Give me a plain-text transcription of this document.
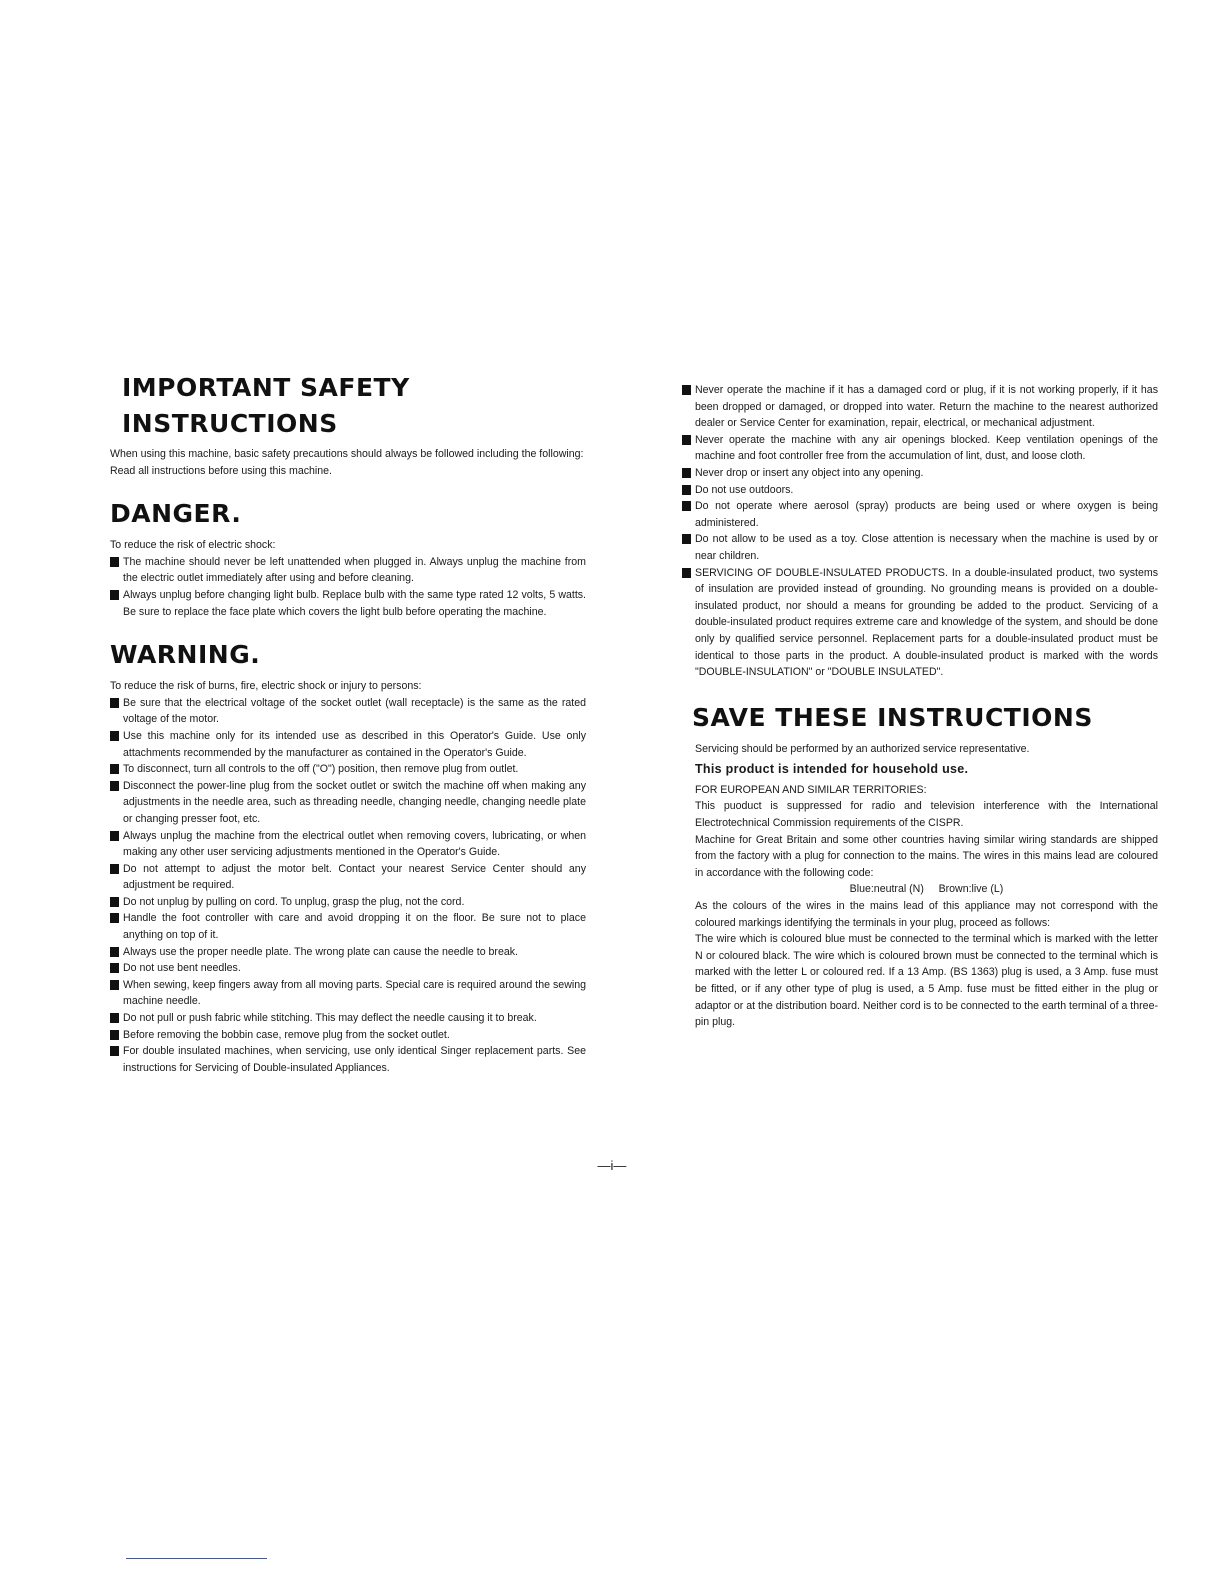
IMPORTANT SAFETY INSTRUCTIONS

When using this machine, basic safety precautions should always be followed including the following:

Read all instructions before using this machine.

DANGER.

To reduce the risk of electric shock:

The machine should never be left unattended when plugged in. Always unplug the machine from the electric outlet immediately after using and before cleaning.
Always unplug before changing light bulb. Replace bulb with the same type rated 12 volts, 5 watts. Be sure to replace the face plate which covers the light bulb before operating the machine.
WARNING.

To reduce the risk of burns, fire, electric shock or injury to persons:

Be sure that the electrical voltage of the socket outlet (wall receptacle) is the same as the rated voltage of the motor.
Use this machine only for its intended use as described in this Operator's Guide. Use only attachments recommended by the manufacturer as contained in the Operator's Guide.
To disconnect, turn all controls to the off ("O") position, then remove plug from outlet.
Disconnect the power-line plug from the socket outlet or switch the machine off when making any adjustments in the needle area, such as threading needle, changing needle, changing needle plate or changing presser foot, etc.
Always unplug the machine from the electrical outlet when removing covers, lubricating, or when making any other user servicing adjustments mentioned in the Operator's Guide.
Do not attempt to adjust the motor belt. Contact your nearest Service Center should any adjustment be required.
Do not unplug by pulling on cord. To unplug, grasp the plug, not the cord.
Handle the foot controller with care and avoid dropping it on the floor. Be sure not to place anything on top of it.
Always use the proper needle plate. The wrong plate can cause the needle to break.
Do not use bent needles.
When sewing, keep fingers away from all moving parts. Special care is required around the sewing machine needle.
Do not pull or push fabric while stitching. This may deflect the needle causing it to break.
Before removing the bobbin case, remove plug from the socket outlet.
For double insulated machines, when servicing, use only identical Singer replacement parts. See instructions for Servicing of Double-insulated Appliances.
Never operate the machine if it has a damaged cord or plug, if it is not working properly, if it has been dropped or damaged, or dropped into water. Return the machine to the nearest authorized dealer or Service Center for examination, repair, electrical, or mechanical adjustment.
Never operate the machine with any air openings blocked. Keep ventilation openings of the machine and foot controller free from the accumulation of lint, dust, and loose cloth.
Never drop or insert any object into any opening.
Do not use outdoors.
Do not operate where aerosol (spray) products are being used or where oxygen is being administered.
Do not allow to be used as a toy. Close attention is necessary when the machine is used by or near children.
SERVICING OF DOUBLE-INSULATED PRODUCTS. In a double-insulated product, two systems of insulation are provided instead of grounding. No grounding means is provided on a double-insulated product, nor should a means for grounding be added to the product. Servicing of a double-insulated product requires extreme care and knowledge of the system, and should be done only by qualified service personnel. Replacement parts for a double-insulated product must be identical to those parts in the product. A double-insulated product is marked with the words "DOUBLE-INSULATION" or "DOUBLE INSULATED".
SAVE THESE INSTRUCTIONS

Servicing should be performed by an authorized service representative.

This product is intended for household use.

FOR EUROPEAN AND SIMILAR TERRITORIES:

This puoduct is suppressed for radio and television interference with the International Electrotechnical Commission requirements of the CISPR.

Machine for Great Britain and some other countries having similar wiring standards are shipped from the factory with a plug for connection to the mains. The wires in this mains lead are coloured in accordance with the following code:

Blue:neutral (N) Brown:live (L)

As the colours of the wires in the mains lead of this appliance may not correspond with the coloured markings identifying the terminals in your plug, proceed as follows:

The wire which is coloured blue must be connected to the terminal which is marked with the letter N or coloured black. The wire which is coloured brown must be connected to the terminal which is marked with the letter L or coloured red. If a 13 Amp. (BS 1363) plug is used, a 3 Amp. fuse must be fitted, or if any other type of plug is used, a 5 Amp. fuse must be fitted either in the plug or adaptor or at the distribution board. Neither cord is to be connected to the earth terminal of a three-pin plug.

—i—
